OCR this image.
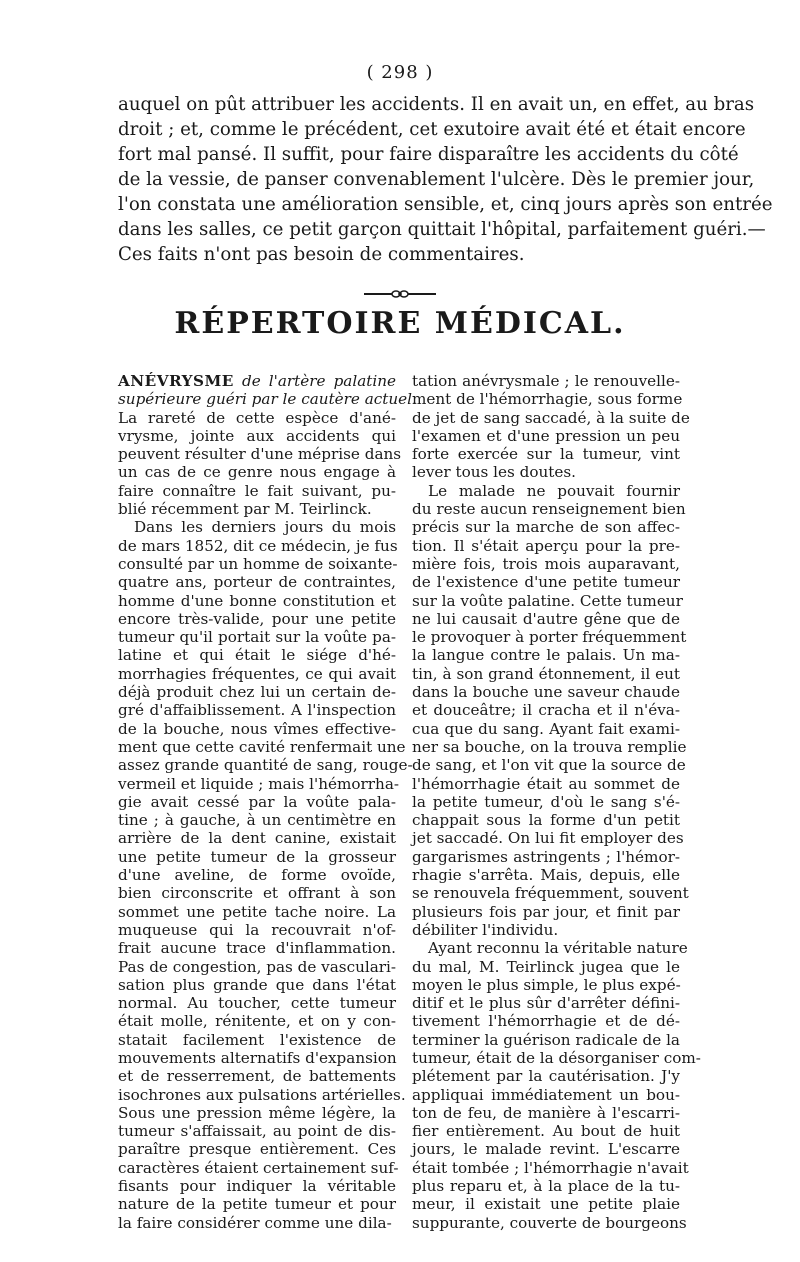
( 298 )
auquel on pût attribuer les accidents. Il en avait un, en effet, au bras
droit ; et, comme le précédent, cet exutoire avait été et était encore
fort mal pansé. Il suffit, pour faire disparaître les accidents du côté
de la vessie, de panser convenablement l'ulcère. Dès le premier jour,
l'on constata une amélioration sensible, et, cinq jours après son entrée
dans les salles, ce petit garçon quittait l'hôpital, parfaitement guéri.—
Ces faits n'ont pas besoin de commentaires.
RÉPERTOIRE MÉDICAL.
ANÉVRYSME de l'artère palatine
supérieure guéri par le cautère actuel.
La rareté de cette espèce d'ané-
vrysme, jointe aux accidents qui
peuvent résulter d'une méprise dans
un cas de ce genre nous engage à
faire connaître le fait suivant, pu-
blié récemment par M. Teirlinck.
Dans les derniers jours du mois
de mars 1852, dit ce médecin, je fus
consulté par un homme de soixante-
quatre ans, porteur de contraintes,
homme d'une bonne constitution et
encore très-valide, pour une petite
tumeur qu'il portait sur la voûte pa-
latine et qui était le siége d'hé-
morrhagies fréquentes, ce qui avait
déjà produit chez lui un certain de-
gré d'affaiblissement. A l'inspection
de la bouche, nous vîmes effective-
ment que cette cavité renfermait une
assez grande quantité de sang, rouge-
vermeil et liquide ; mais l'hémorrha-
gie avait cessé par la voûte pala-
tine ; à gauche, à un centimètre en
arrière de la dent canine, existait
une petite tumeur de la grosseur
d'une aveline, de forme ovoïde,
bien circonscrite et offrant à son
sommet une petite tache noire. La
muqueuse qui la recouvrait n'of-
frait aucune trace d'inflammation.
Pas de congestion, pas de vasculari-
sation plus grande que dans l'état
normal. Au toucher, cette tumeur
était molle, rénitente, et on y con-
statait facilement l'existence de
mouvements alternatifs d'expansion
et de resserrement, de battements
isochrones aux pulsations artérielles.
Sous une pression même légère, la
tumeur s'affaissait, au point de dis-
paraître presque entièrement. Ces
caractères étaient certainement suf-
fisants pour indiquer la véritable
nature de la petite tumeur et pour
la faire considérer comme une dila-
tation anévrysmale ; le renouvelle-
ment de l'hémorrhagie, sous forme
de jet de sang saccadé, à la suite de
l'examen et d'une pression un peu
forte exercée sur la tumeur, vint
lever tous les doutes.
Le malade ne pouvait fournir
du reste aucun renseignement bien
précis sur la marche de son affec-
tion. Il s'était aperçu pour la pre-
mière fois, trois mois auparavant,
de l'existence d'une petite tumeur
sur la voûte palatine. Cette tumeur
ne lui causait d'autre gêne que de
le provoquer à porter fréquemment
la langue contre le palais. Un ma-
tin, à son grand étonnement, il eut
dans la bouche une saveur chaude
et douceâtre; il cracha et il n'éva-
cua que du sang. Ayant fait exami-
ner sa bouche, on la trouva remplie
de sang, et l'on vit que la source de
l'hémorrhagie était au sommet de
la petite tumeur, d'où le sang s'é-
chappait sous la forme d'un petit
jet saccadé. On lui fit employer des
gargarismes astringents ; l'hémor-
rhagie s'arrêta. Mais, depuis, elle
se renouvela fréquemment, souvent
plusieurs fois par jour, et finit par
débiliter l'individu.
Ayant reconnu la véritable nature
du mal, M. Teirlinck jugea que le
moyen le plus simple, le plus expé-
ditif et le plus sûr d'arrêter défini-
tivement l'hémorrhagie et de dé-
terminer la guérison radicale de la
tumeur, était de la désorganiser com-
plétement par la cautérisation. J'y
appliquai immédiatement un bou-
ton de feu, de manière à l'escarri-
fier entièrement. Au bout de huit
jours, le malade revint. L'escarre
était tombée ; l'hémorrhagie n'avait
plus reparu et, à la place de la tu-
meur, il existait une petite plaie
suppurante, couverte de bourgeons
